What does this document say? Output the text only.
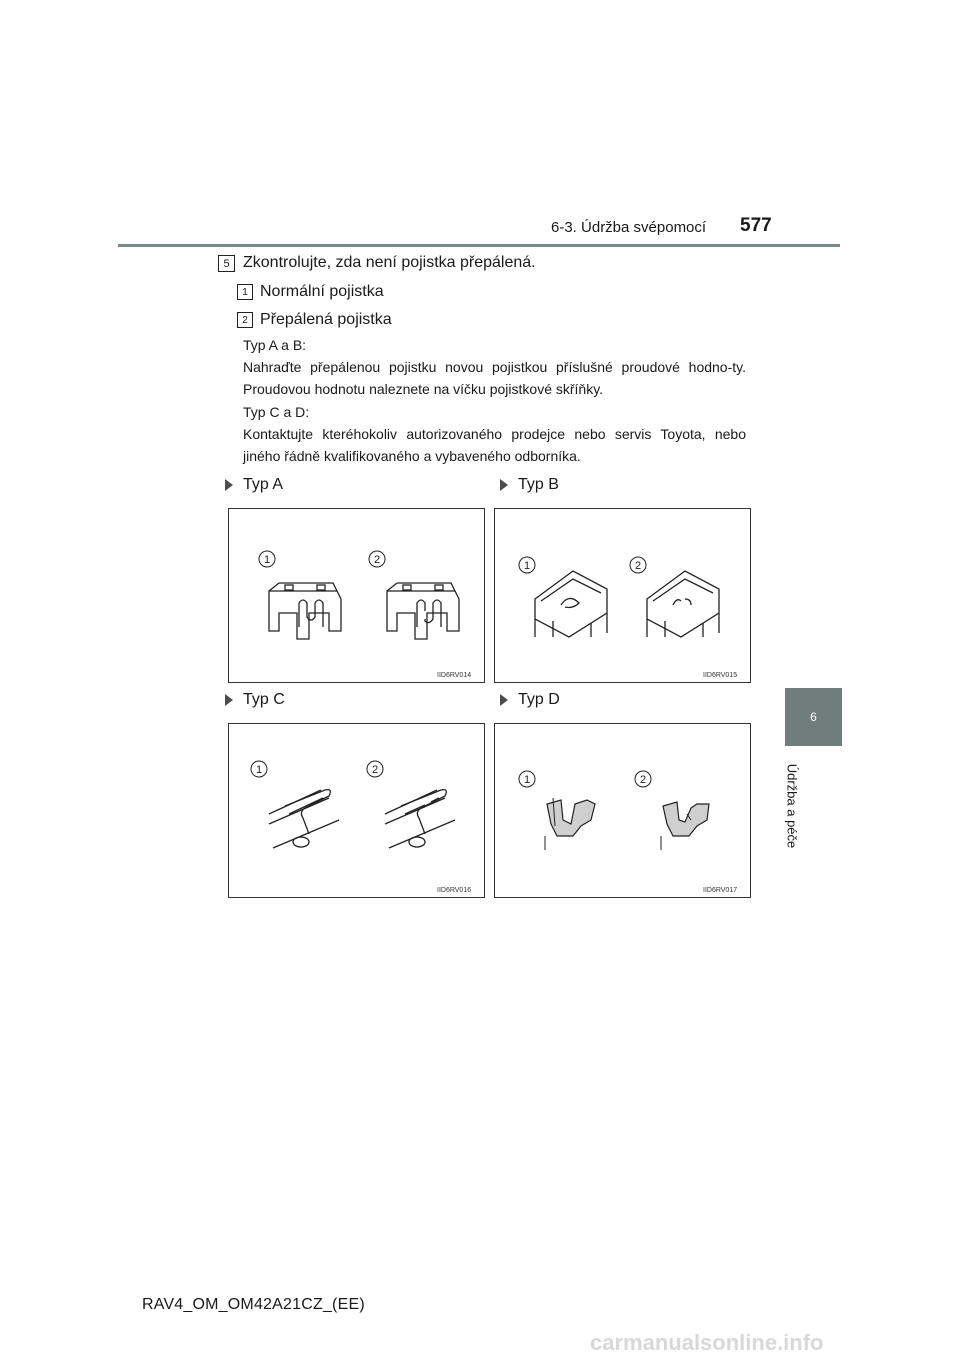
6-3. Údržba svépomocí 577
6
Údržba a péče
5 Zkontrolujte, zda není pojistka přepálená.
1 Normální pojistka
2 Přepálená pojistka
Typ A a B:
Nahraďte přepálenou pojistku novou pojistkou příslušné proudové hodno-ty. Proudovou hodnotu naleznete na víčku pojistkové skříňky.
Typ C a D:
Kontaktujte kteréhokoliv autorizovaného prodejce nebo servis Toyota, nebo jiného řádně kvalifikovaného a vybaveného odborníka.
Typ A	Typ B
Typ C	Typ D
1	2
IID6RV014
1	2
IID6RV015
1	2
IID6RV016
1	2
IID6RV017
RAV4_OM_OM42A21CZ_(EE)
carmanualsonline.info
